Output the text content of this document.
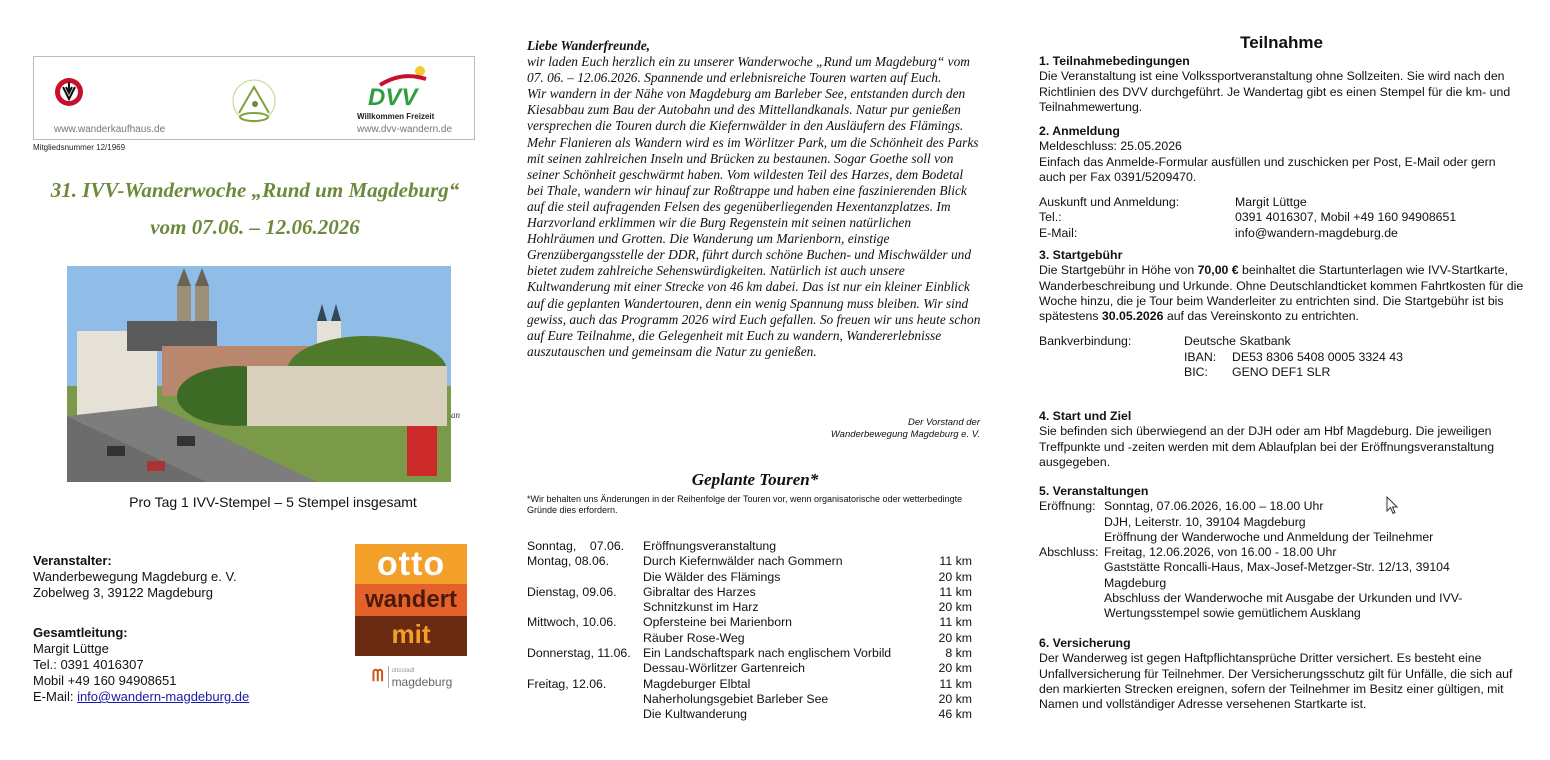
www.wanderkaufhaus.de
DVV
Willkommen Freizeit
www.dvv-wandern.de
Mitgliedsnummer 12/1969
31. IVV-Wanderwoche „Rund um Magdeburg“
vom 07.06. – 12.06.2026
an
Pro Tag 1 IVV-Stempel – 5 Stempel insgesamt
Veranstalter:
Wanderbewegung Magdeburg e. V.
Zobelweg 3, 39122 Magdeburg
Gesamtleitung:
Margit Lüttge
Tel.: 0391 4016307
Mobil +49 160 94908651
E-Mail: info@wandern-magdeburg.de
otto
wandert
mit
ᗰ ottostadt
magdeburg
Liebe Wanderfreunde,
wir laden Euch herzlich ein zu unserer Wanderwoche „Rund um Magdeburg“ vom 07. 06. – 12.06.2026. Spannende und erlebnisreiche Touren warten auf Euch.
Wir wandern in der Nähe von Magdeburg am Barleber See, entstanden durch den Kiesabbau zum Bau der Autobahn und des Mittellandkanals. Natur pur genießen versprechen die Touren durch die Kiefernwälder in den Ausläufern des Flämings. Mehr Flanieren als Wandern wird es im Wörlitzer Park, um die Schönheit des Parks mit seinen zahlreichen Inseln und Brücken zu bestaunen. Sogar Goethe soll von seiner Schönheit geschwärmt haben. Vom wildesten Teil des Harzes, dem Bodetal bei Thale, wandern wir hinauf zur Roßtrappe und haben eine faszinierenden Blick auf die steil aufragenden Felsen des gegenüberliegenden Hexentanzplatzes. Im Harzvorland erklimmen wir die Burg Regenstein mit seinen natürlichen Hohlräumen und Grotten. Die Wanderung um Marienborn, einstige Grenzübergangsstelle der DDR, führt durch schöne Buchen- und Mischwälder und bietet zudem zahlreiche Sehenswürdigkeiten. Natürlich ist auch unsere Kultwanderung mit einer Strecke von 46 km dabei. Das ist nur ein kleiner Einblick auf die geplanten Wandertouren, denn ein wenig Spannung muss bleiben. Wir sind gewiss, auch das Programm 2026 wird Euch gefallen. So freuen wir uns heute schon auf Eure Teilnahme, die Gelegenheit mit Euch zu wandern, Wandererlebnisse auszutauschen und gemeinsam die Natur zu genießen.
Der Vorstand der
Wanderbewegung Magdeburg e. V.
Geplante Touren*
*Wir behalten uns Änderungen in der Reihenfolge der Touren vor, wenn organisatorische oder wetterbedingte Gründe dies erfordern.
Sonntag,    07.06.	Eröffnungsveranstaltung
Montag, 08.06.	Durch Kiefernwälder nach Gommern	11 km
Die Wälder des Flämings	20 km
Dienstag, 09.06.	Gibraltar des Harzes	11 km
Schnitzkunst im Harz	20 km
Mittwoch, 10.06.	Opfersteine bei Marienborn	11 km
Räuber Rose-Weg	20 km
Donnerstag, 11.06.	Ein Landschaftspark nach englischem Vorbild	8 km
Dessau-Wörlitzer Gartenreich	20 km
Freitag, 12.06.	Magdeburger Elbtal	11 km
Naherholungsgebiet Barleber See	20 km
Die Kultwanderung	46 km
Teilnahme
1. Teilnahmebedingungen

Die Veranstaltung ist eine Volkssportveranstaltung ohne Sollzeiten. Sie wird nach den Richtlinien des DVV durchgeführt. Je Wandertag gibt es einen Stempel für die km- und Teilnahmewertung.

2. Anmeldung

Meldeschluss: 25.05.2026

Einfach das Anmelde-Formular ausfüllen und zuschicken per Post, E-Mail oder gern auch per Fax 0391/5209470.

Auskunft und Anmeldung:	Margit Lüttge
Tel.:	0391 4016307, Mobil +49 160 94908651
E-Mail:	info@wandern-magdeburg.de
3. Startgebühr

Die Startgebühr in Höhe von 70,00 € beinhaltet die Startunterlagen wie IVV-Startkarte, Wanderbeschreibung und Urkunde. Ohne Deutschlandticket kommen Fahrtkosten für die Woche hinzu, die je Tour beim Wanderleiter zu entrichten sind. Die Startgebühr ist bis spätestens 30.05.2026 auf das Vereinskonto zu entrichten.

Bankverbindung:	Deutsche Skatbank
IBAN:	DE53 8306 5408 0005 3324 43
BIC:	GENO DEF1 SLR
4. Start und Ziel

Sie befinden sich überwiegend an der DJH oder am Hbf Magdeburg. Die jeweiligen Treffpunkte und -zeiten werden mit dem Ablaufplan bei der Eröffnungsveranstaltung ausgegeben.

5. Veranstaltungen
Eröffnung: Sonntag, 07.06.2026, 16.00 – 18.00 Uhr
DJH, Leiterstr. 10, 39104 Magdeburg
Eröffnung der Wanderwoche und Anmeldung der Teilnehmer
Abschluss: Freitag, 12.06.2026, von 16.00 - 18.00 Uhr
Gaststätte Roncalli-Haus, Max-Josef-Metzger-Str. 12/13, 39104 Magdeburg
Abschluss der Wanderwoche mit Ausgabe der Urkunden und IVV-Wertungsstempel sowie gemütlichem Ausklang
6. Versicherung

Der Wanderweg ist gegen Haftpflichtansprüche Dritter versichert. Es besteht eine Unfallversicherung für Teilnehmer. Der Versicherungsschutz gilt für Unfälle, die sich auf den markierten Strecken ereignen, sofern der Teilnehmer im Besitz einer gültigen, mit Namen und vollständiger Adresse versehenen Startkarte ist.
